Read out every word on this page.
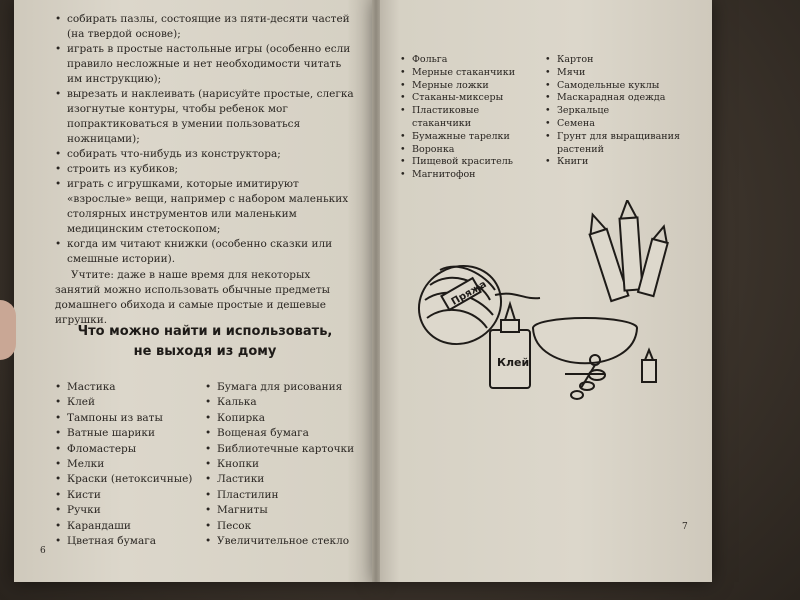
• собирать пазлы, состоящие из пяти-десяти частей (на твердой основе);
• играть в простые настольные игры (особенно если правило несложные и нет необходимости читать им инструкцию);
• вырезать и наклеивать (нарисуйте простые, слегка изогнутые контуры, чтобы ребенок мог попрактиковаться в умении пользоваться ножницами);
• собирать что-нибудь из конструктора;
• строить из кубиков;
• играть с игрушками, которые имитируют «взрослые» вещи, например с набором маленьких столярных инструментов или маленьким медицинским стетоскопом;
• когда им читают книжки (особенно сказки или смешные истории).
Учтите: даже в наше время для некоторых занятий можно использовать обычные предметы домашнего обихода и самые простые и дешевые игрушки.
Что можно найти и использовать,
не выходя из дому
• Мастика
• Клей
• Тампоны из ваты
• Ватные шарики
• Фломастеры
• Мелки
• Краски (нетоксичные)
• Кисти
• Ручки
• Карандаши
• Цветная бумага
• Бумага для рисования
• Калька
• Копирка
• Вощеная бумага
• Библиотечные карточки
• Кнопки
• Ластики
• Пластилин
• Магниты
• Песок
• Увеличительное стекло
6
• Фольга
• Мерные стаканчики
• Мерные ложки
• Стаканы-миксеры
• Пластиковые стаканчики
• Бумажные тарелки
• Воронка
• Пищевой краситель
• Магнитофон
• Картон
• Мячи
• Самодельные куклы
• Маскарадная одежда
• Зеркальце
• Семена
• Грунт для выращивания растений
• Книги
Пряжа
Клей
7
